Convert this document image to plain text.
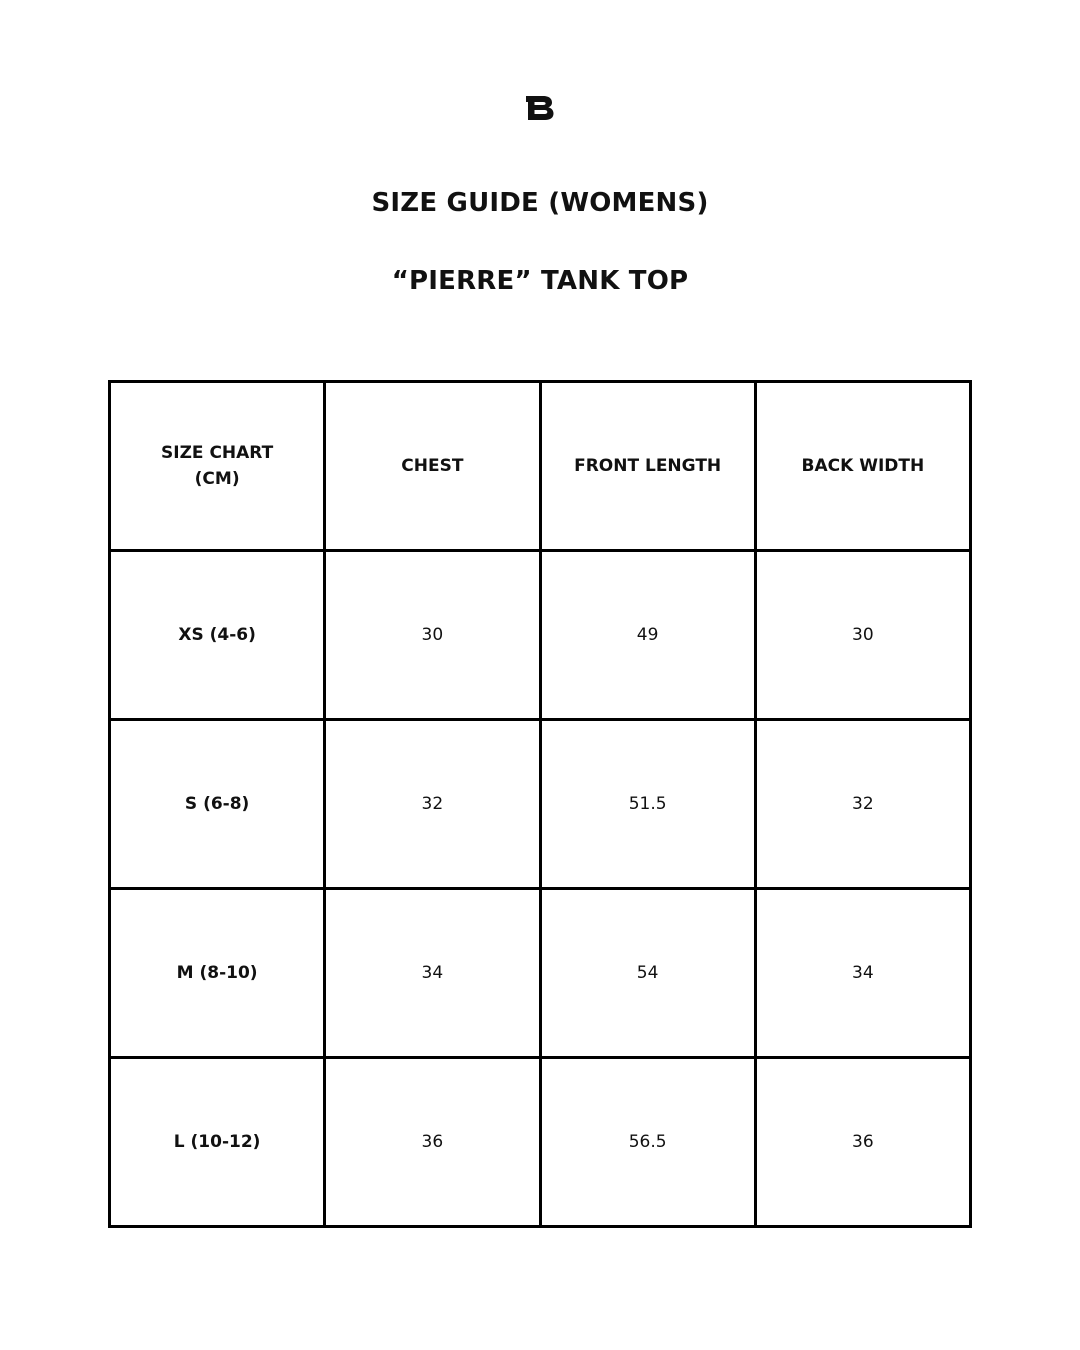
SIZE GUIDE (WOMENS)
“PIERRE” TANK TOP
SIZE CHART
(CM)	CHEST	FRONT LENGTH	BACK WIDTH
XS (4-6)	30	49	30
S (6-8)	32	51.5	32
M (8-10)	34	54	34
L (10-12)	36	56.5	36
